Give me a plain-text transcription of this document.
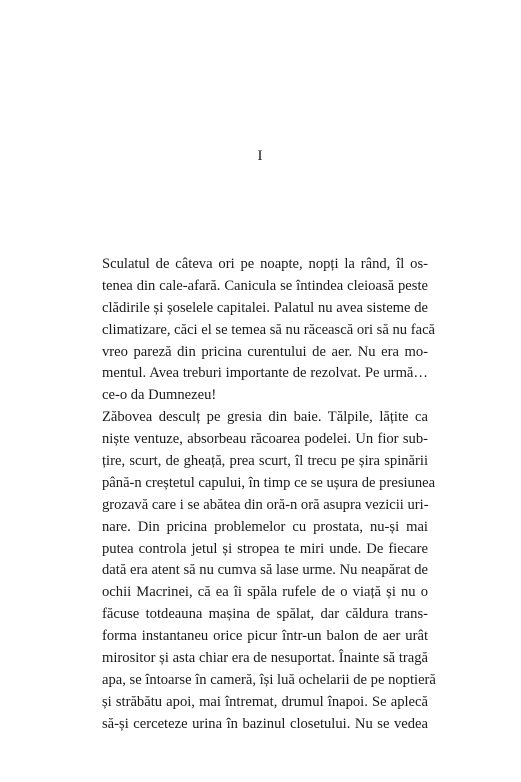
I
Sculatul de câteva ori pe noapte, nopți la rând, îl os-
tenea din cale-afară. Canicula se întindea cleioasă peste
clădirile și șoselele capitalei. Palatul nu avea sisteme de
climatizare, căci el se temea să nu răcească ori să nu facă
vreo pareză din pricina curentului de aer. Nu era mo-
mentul. Avea treburi importante de rezolvat. Pe urmă…
ce-o da Dumnezeu!
Zăbovea desculț pe gresia din baie. Tălpile, lățite ca
niște ventuze, absorbeau răcoarea podelei. Un fior sub-
țire, scurt, de gheață, prea scurt, îl trecu pe șira spinării
până-n creștetul capului, în timp ce se ușura de presiunea
grozavă care i se abătea din oră-n oră asupra vezicii uri-
nare. Din pricina problemelor cu prostata, nu-și mai
putea controla jetul și stropea te miri unde. De fiecare
dată era atent să nu cumva să lase urme. Nu neapărat de
ochii Macrinei, că ea îi spăla rufele de o viață și nu o
făcuse totdeauna mașina de spălat, dar căldura trans-
forma instantaneu orice picur într-un balon de aer urât
mirositor și asta chiar era de nesuportat. Înainte să tragă
apa, se întoarse în cameră, își luă ochelarii de pe noptieră
și străbătu apoi, mai întremat, drumul înapoi. Se aplecă
să-și cerceteze urina în bazinul closetului. Nu se vedea
